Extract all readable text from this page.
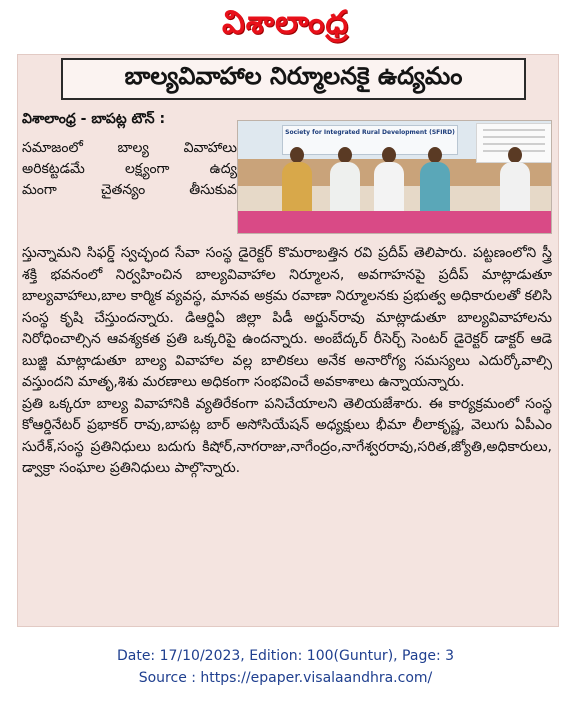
విశాలాంధ్ర
బాల్యవివాహాల నిర్మూలనకై ఉద్యమం
విశాలాంధ్ర - బాపట్ల టౌన్ :
Society for Integrated Rural Development (SFIRD)
సమాజంలో బాల్య వివాహాలు
అరికట్టడమే లక్ష్యంగా ఉద్య
మంగా చైతన్యం తీసుకువ

స్తున్నామని సిఫర్డ్ స్వచ్ఛంద సేవా సంస్థ డైరెక్టర్ కొమరాబత్తిన రవి ప్రదీప్ తెలిపారు. పట్టణంలోని స్త్రీ శక్తి భవనంలో నిర్వహించిన బాల్యవివాహాల నిర్మూలన, అవగాహనపై ప్రదీప్ మాట్లాడుతూ బాల్యవాహాలు,బాల కార్మిక వ్యవస్థ, మానవ అక్రమ రవాణా నిర్మూలనకు ప్రభుత్వ అధికారులతో కలిసి సంస్థ కృషి చేస్తుందన్నారు. డిఆర్డిఏ జిల్లా పిడీ అర్జున్‌రావు మాట్లాడుతూ బాల్యవివాహాలను నిరోధించాల్సిన ఆవశ్యకత ప్రతి ఒక్కరిపై ఉందన్నారు. అంబేద్కర్ రీసెర్చ్ సెంటర్ డైరెక్టర్ డాక్టర్ ఆడె బుజ్జి మాట్లాడుతూ బాల్య వివాహాల వల్ల బాలికలు అనేక అనారోగ్య సమస్యలు ఎదుర్కోవాల్సి వస్తుందని మాతృ,శిశు మరణాలు అధికంగా సంభవించే అవకాశాలు ఉన్నాయన్నారు.

ప్రతి ఒక్కరూ బాల్య వివాహానికి వ్యతిరేకంగా పనిచేయాలని తెలియజేశారు. ఈ కార్యక్రమంలో సంస్థ కోఆర్డినేటర్ ప్రభాకర్ రావు,బాపట్ల బార్ అసోసియేషన్ అధ్యక్షులు భీమా లీలాకృష్ణ, వెలుగు ఏపీఎం సురేశ్,సంస్థ ప్రతినిధులు బదుగు కిషోర్,నాగరాజు,నాగేంద్రం,నాగేశ్వరరావు,సరిత,జ్యోతి,అధికారులు, డ్వాక్రా సంఘాల ప్రతినిధులు పాల్గొన్నారు.

Date: 17/10/2023, Edition: 100(Guntur), Page: 3
Source : https://epaper.visalaandhra.com/
